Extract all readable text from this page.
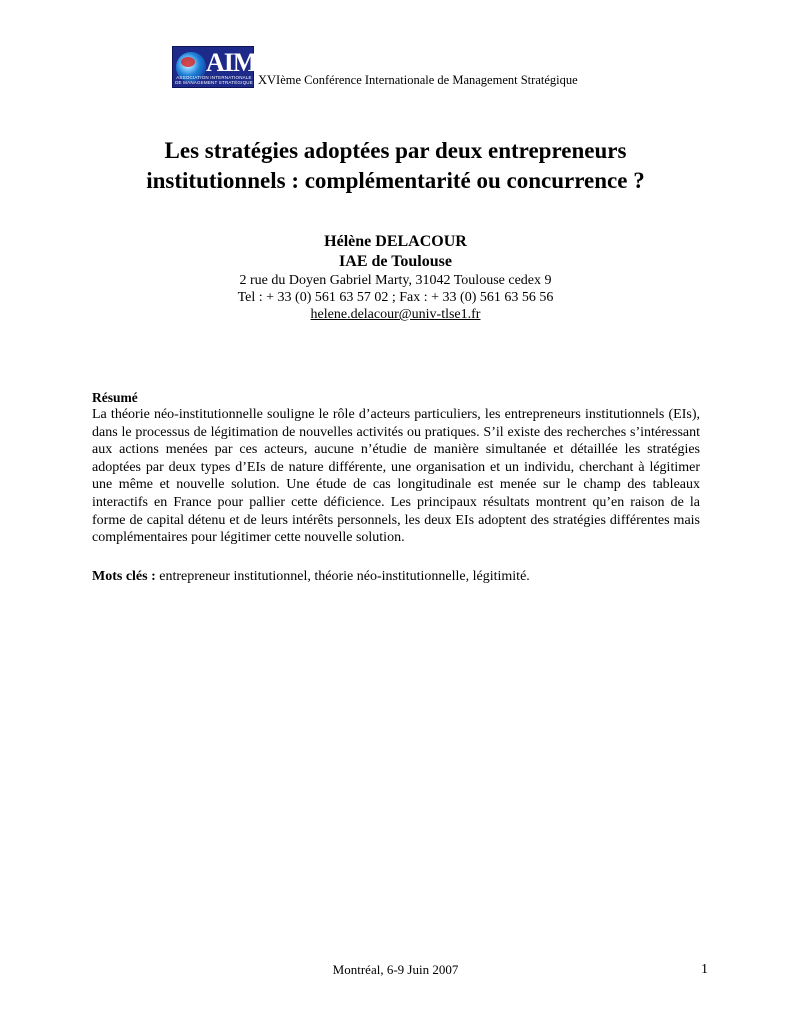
AIMS
ASSOCIATION INTERNATIONALE DE MANAGEMENT STRATÉGIQUE XVIème Conférence Internationale de Management Stratégique
Les stratégies adoptées par deux entrepreneurs
institutionnels : complémentarité ou concurrence ?
Hélène DELACOUR
IAE de Toulouse
2 rue du Doyen Gabriel Marty, 31042 Toulouse cedex 9
Tel : + 33 (0) 561 63 57 02 ; Fax : + 33 (0) 561 63 56 56
helene.delacour@univ-tlse1.fr
Résumé

La théorie néo-institutionnelle souligne le rôle d’acteurs particuliers, les entrepreneurs institutionnels (EIs), dans le processus de légitimation de nouvelles activités ou pratiques. S’il existe des recherches s’intéressant aux actions menées par ces acteurs, aucune n’étudie de manière simultanée et détaillée les stratégies adoptées par deux types d’EIs de nature différente, une organisation et un individu, cherchant à légitimer une même et nouvelle solution. Une étude de cas longitudinale est menée sur le champ des tableaux interactifs en France pour pallier cette déficience. Les principaux résultats montrent qu’en raison de la forme de capital détenu et de leurs intérêts personnels, les deux EIs adoptent des stratégies différentes mais complémentaires pour légitimer cette nouvelle solution.

Mots clés : entrepreneur institutionnel, théorie néo-institutionnelle, légitimité.
Montréal, 6-9 Juin 2007	1
